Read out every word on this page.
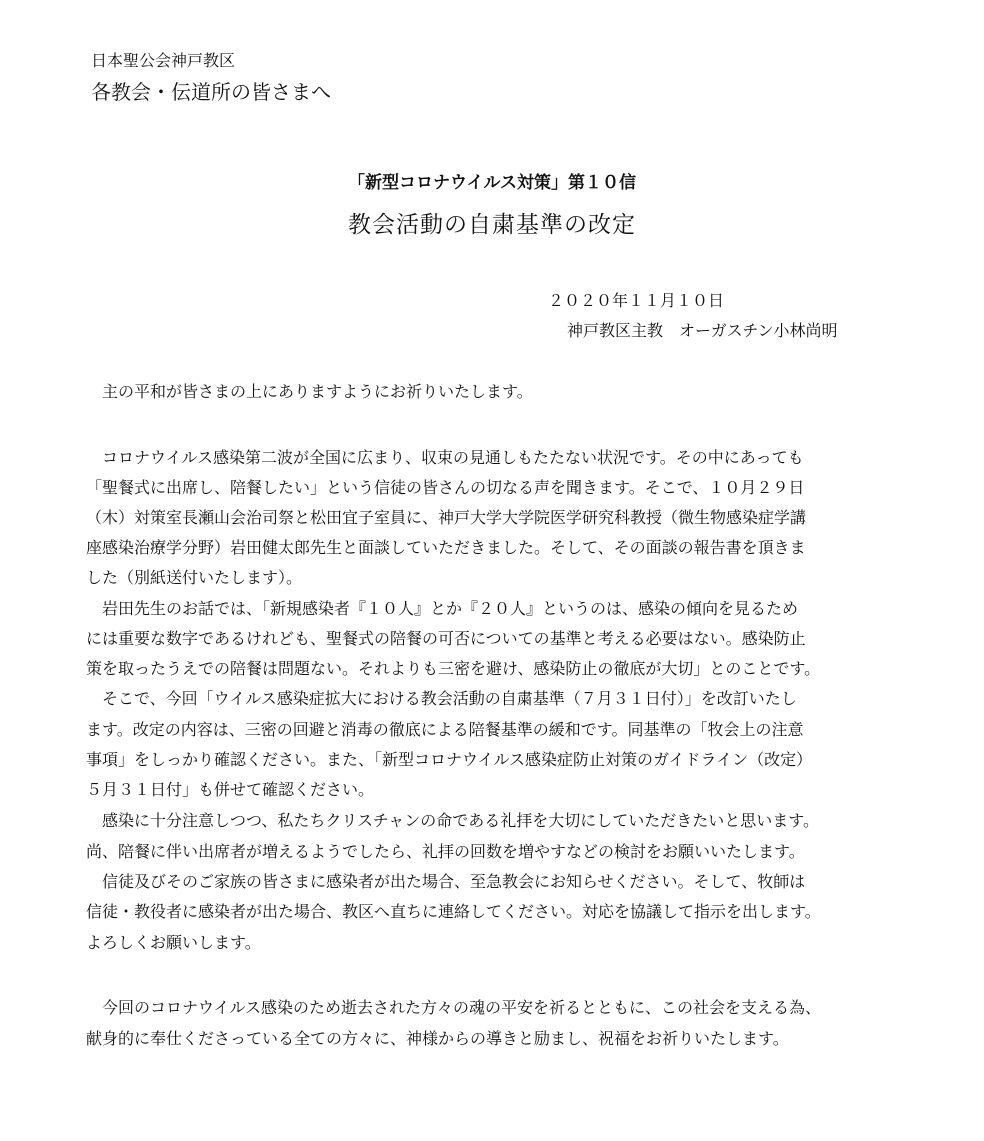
日本聖公会神戸教区
各教会・伝道所の皆さまへ
「新型コロナウイルス対策」第１０信
教会活動の自粛基準の改定
２０２０年１１月１０日
神戸教区主教　オーガスチン小林尚明
　主の平和が皆さまの上にありますようにお祈りいたします。
　コロナウイルス感染第二波が全国に広まり、収束の見通しもたたない状況です。その中にあっても
「聖餐式に出席し、陪餐したい」という信徒の皆さんの切なる声を聞きます。そこで、１０月２９日
（木）対策室長瀬山会治司祭と松田宜子室員に、神戸大学大学院医学研究科教授（微生物感染症学講
座感染治療学分野）岩田健太郎先生と面談していただきました。そして、その面談の報告書を頂きま
した（別紙送付いたします）。
　岩田先生のお話では、「新規感染者『１０人』とか『２０人』というのは、感染の傾向を見るため
には重要な数字であるけれども、聖餐式の陪餐の可否についての基準と考える必要はない。感染防止
策を取ったうえでの陪餐は問題ない。それよりも三密を避け、感染防止の徹底が大切」とのことです。
　そこで、今回「ウイルス感染症拡大における教会活動の自粛基準（７月３１日付）」を改訂いたし
ます。改定の内容は、三密の回避と消毒の徹底による陪餐基準の緩和です。同基準の「牧会上の注意
事項」をしっかり確認ください。また、「新型コロナウイルス感染症防止対策のガイドライン（改定）
５月３１日付」も併せて確認ください。
　感染に十分注意しつつ、私たちクリスチャンの命である礼拝を大切にしていただきたいと思います。
尚、陪餐に伴い出席者が増えるようでしたら、礼拝の回数を増やすなどの検討をお願いいたします。
　信徒及びそのご家族の皆さまに感染者が出た場合、至急教会にお知らせください。そして、牧師は
信徒・教役者に感染者が出た場合、教区へ直ちに連絡してください。対応を協議して指示を出します。
よろしくお願いします。
　今回のコロナウイルス感染のため逝去された方々の魂の平安を祈るとともに、この社会を支える為、
献身的に奉仕くださっている全ての方々に、神様からの導きと励まし、祝福をお祈りいたします。
